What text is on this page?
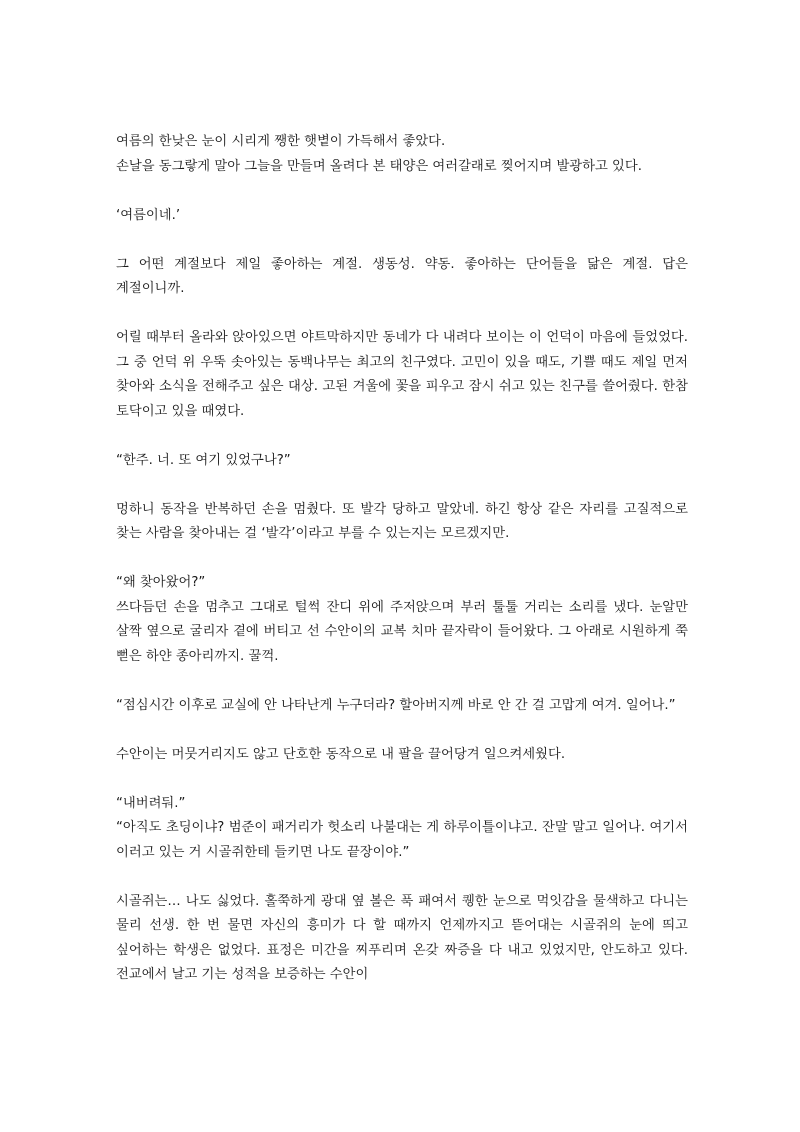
여름의 한낮은 눈이 시리게 쨍한 햇볕이 가득해서 좋았다.

손날을 동그랗게 말아 그늘을 만들며 올려다 본 태양은 여러갈래로 찢어지며 발광하고 있다.

‘여름이네.’

그 어떤 계절보다 제일 좋아하는 계절. 생동성. 약동. 좋아하는 단어들을 닮은 계절. 답은 계절이니까.

어릴 때부터 올라와 앉아있으면 야트막하지만 동네가 다 내려다 보이는 이 언덕이 마음에 들었었다. 그 중 언덕 위 우뚝 솟아있는 동백나무는 최고의 친구였다. 고민이 있을 때도, 기쁠 때도 제일 먼저 찾아와 소식을 전해주고 싶은 대상. 고된 겨울에 꽃을 피우고 잠시 쉬고 있는 친구를 쓸어줬다. 한참 토닥이고 있을 때였다.

“한주. 너. 또 여기 있었구나?”

멍하니 동작을 반복하던 손을 멈췄다. 또 발각 당하고 말았네. 하긴 항상 같은 자리를 고질적으로 찾는 사람을 찾아내는 걸 ‘발각’이라고 부를 수 있는지는 모르겠지만.

“왜 찾아왔어?”

쓰다듬던 손을 멈추고 그대로 털썩 잔디 위에 주저앉으며 부러 툴툴 거리는 소리를 냈다. 눈알만 살짝 옆으로 굴리자 곁에 버티고 선 수안이의 교복 치마 끝자락이 들어왔다. 그 아래로 시원하게 쭉 뻗은 하얀 종아리까지. 꿀꺽.

“점심시간 이후로 교실에 안 나타난게 누구더라? 할아버지께 바로 안 간 걸 고맙게 여겨. 일어나.”

수안이는 머뭇거리지도 않고 단호한 동작으로 내 팔을 끌어당겨 일으켜세웠다.

“내버려둬.”

“아직도 초딩이냐? 범준이 패거리가 헛소리 나불대는 게 하루이틀이냐고. 잔말 말고 일어나. 여기서 이러고 있는 거 시골쥐한테 들키면 나도 끝장이야.”

시골쥐는… 나도 싫었다. 홀쭉하게 광대 옆 볼은 푹 패여서 퀭한 눈으로 먹잇감을 물색하고 다니는 물리 선생. 한 번 물면 자신의 흥미가 다 할 때까지 언제까지고 뜯어대는 시골쥐의 눈에 띄고 싶어하는 학생은 없었다. 표정은 미간을 찌푸리며 온갖 짜증을 다 내고 있었지만, 안도하고 있다. 전교에서 날고 기는 성적을 보증하는 수안이
